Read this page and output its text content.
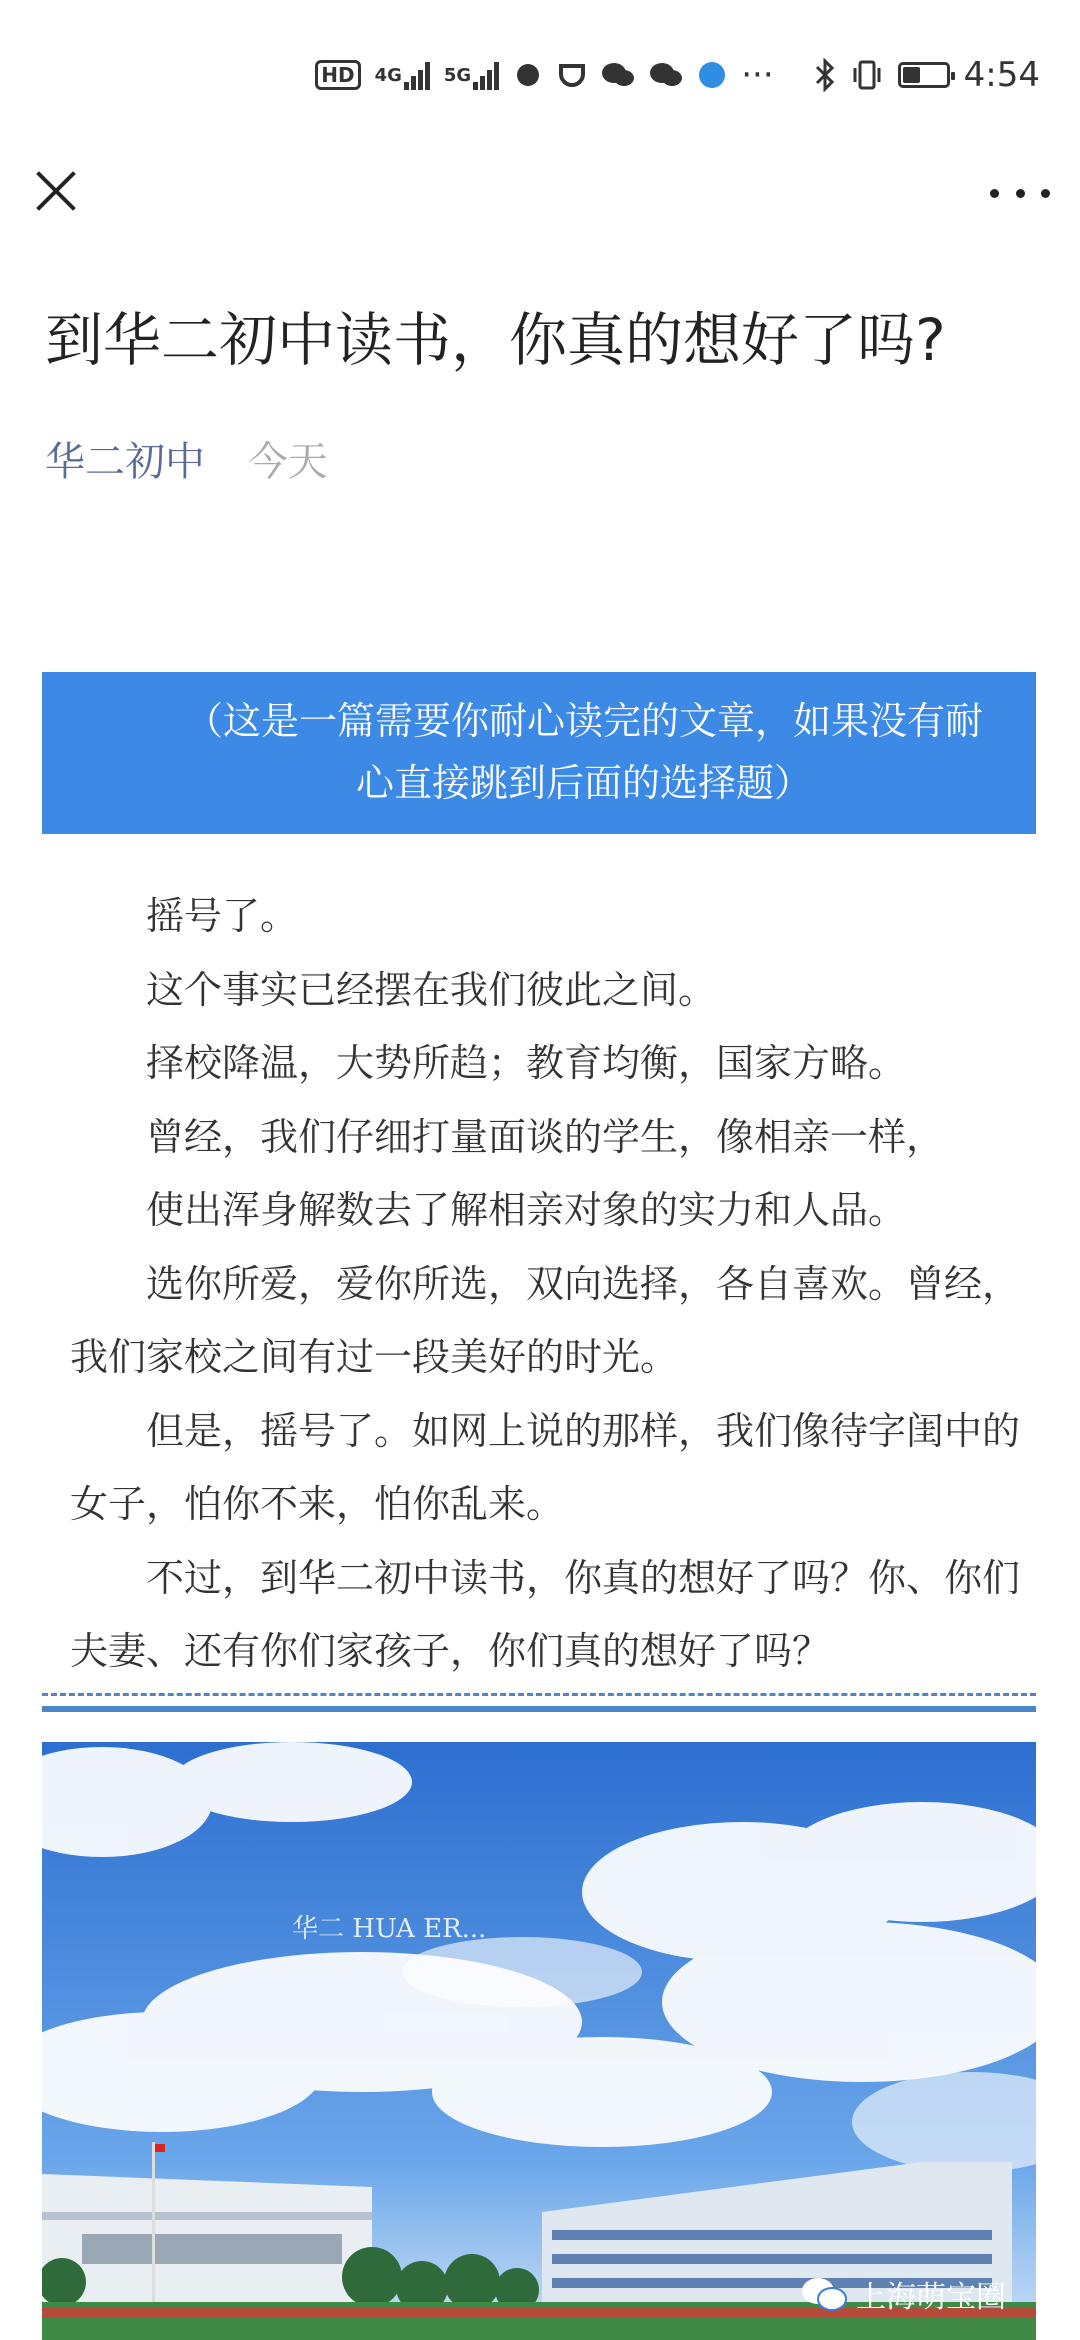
HD	4G 5G	···	4:54
到华二初中读书，你真的想好了吗?
华二初中 今天
（这是一篇需要你耐心读完的文章，如果没有耐心直接跳到后面的选择题）

摇号了。

这个事实已经摆在我们彼此之间。

择校降温，大势所趋；教育均衡，国家方略。

曾经，我们仔细打量面谈的学生，像相亲一样，

使出浑身解数去了解相亲对象的实力和人品。

选你所爱，爱你所选，双向选择，各自喜欢。曾经，我们家校之间有过一段美好的时光。

但是，摇号了。如网上说的那样，我们像待字闺中的女子，怕你不来，怕你乱来。

不过，到华二初中读书，你真的想好了吗？你、你们夫妻、还有你们家孩子，你们真的想好了吗？

华二 HUA ER...
上海萌宝圈
